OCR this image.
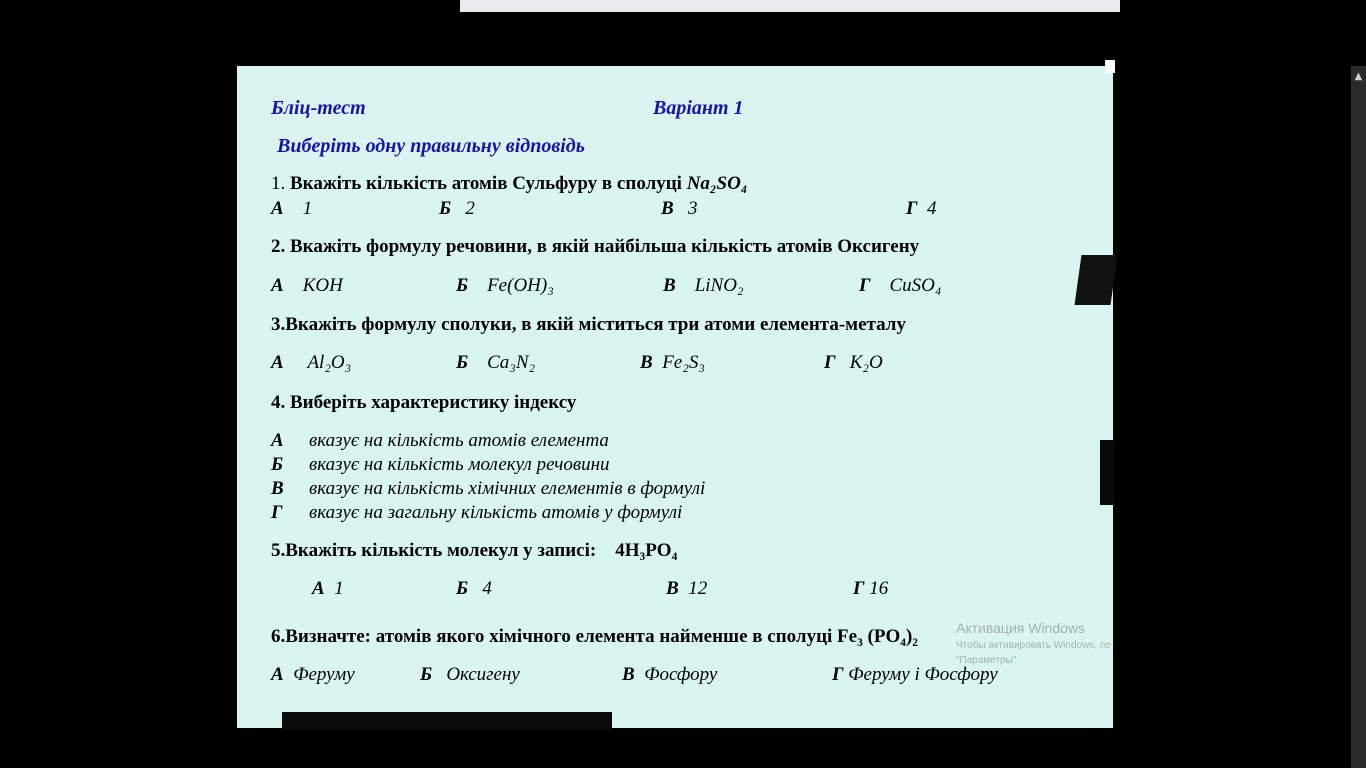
▲
Бліц-тест	Варіант 1
Виберіть одну правильну відповідь
1. Вкажіть кількість атомів Сульфуру в сполуці Na₂SO₄
А 1	Б 2	В 3	Г 4
2. Вкажіть формулу речовини, в якій найбільша кількість атомів Оксигену
А KOH	Б Fe(OH)₃	В LiNO₂	Г CuSO₄
3.Вкажіть формулу сполуки, в якій міститься три атоми елемента-металу
А Al₂O₃	Б Ca₃N₂	В Fe₂S₃	Г K₂O
4. Виберіть характеристику індексу
А вказує на кількість атомів елемента
Б вказує на кількість молекул речовини
В вказує на кількість хімічних елементів в формулі
Г вказує на загальну кількість атомів у формулі
5.Вкажіть кількість молекул у записі: 4H₃PO₄
А 1	Б 4	В 12	Г 16
6.Визначте: атомів якого хімічного елемента найменше в сполуці Fe₃ (PO₄)₂
А Феруму	Б Оксигену	В Фосфору	Г Феруму і Фосфору
Активация Windows
Чтобы активировать Windows, пе
"Параметры".
